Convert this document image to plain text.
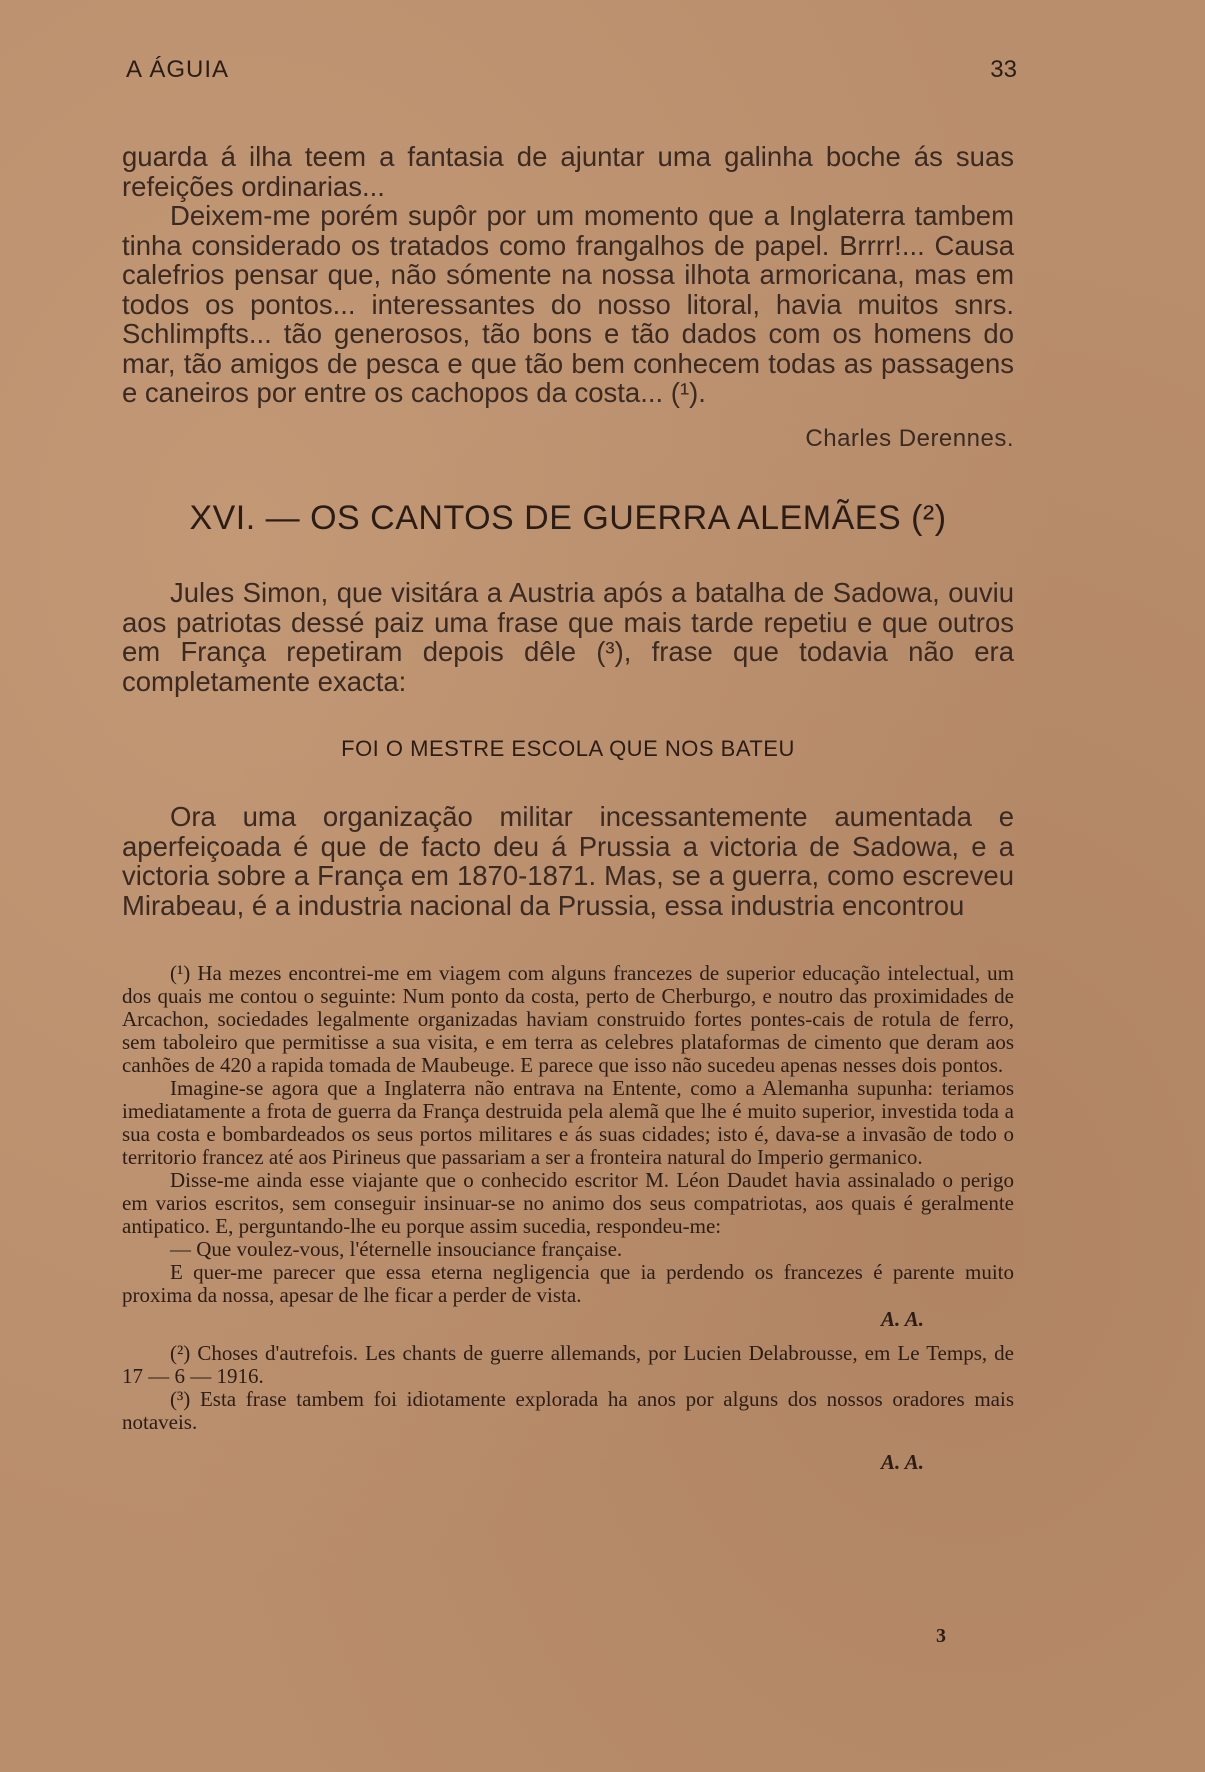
A ÁGUIA	33

guarda á ilha teem a fantasia de ajuntar uma galinha boche ás suas refeições ordinarias...

Deixem-me porém supôr por um momento que a Inglaterra tambem tinha considerado os tratados como frangalhos de papel. Brrrr!... Causa calefrios pensar que, não sómente na nossa ilhota armoricana, mas em todos os pontos... interessantes do nosso litoral, havia muitos snrs. Schlimpfts... tão generosos, tão bons e tão dados com os homens do mar, tão amigos de pesca e que tão bem conhecem todas as passagens e caneiros por entre os cachopos da costa... (¹).

Charles Derennes.

XVI. — OS CANTOS DE GUERRA ALEMÃES (²)

Jules Simon, que visitára a Austria após a batalha de Sadowa, ouviu aos patriotas dessé paiz uma frase que mais tarde repetiu e que outros em França repetiram depois dêle (³), frase que todavia não era completamente exacta:

FOI O MESTRE ESCOLA QUE NOS BATEU

Ora uma organização militar incessantemente aumentada e aperfeiçoada é que de facto deu á Prussia a victoria de Sadowa, e a victoria sobre a França em 1870-1871. Mas, se a guerra, como escreveu Mirabeau, é a industria nacional da Prussia, essa industria encontrou

(¹) Ha mezes encontrei-me em viagem com alguns francezes de superior educação intelectual, um dos quais me contou o seguinte: Num ponto da costa, perto de Cherburgo, e noutro das proximidades de Arcachon, sociedades legalmente organizadas haviam construido fortes pontes-cais de rotula de ferro, sem taboleiro que permitisse a sua visita, e em terra as celebres plataformas de cimento que deram aos canhões de 420 a rapida tomada de Maubeuge. E parece que isso não sucedeu apenas nesses dois pontos.

Imagine-se agora que a Inglaterra não entrava na Entente, como a Alemanha supunha: teriamos imediatamente a frota de guerra da França destruida pela alemã que lhe é muito superior, investida toda a sua costa e bombardeados os seus portos militares e ás suas cidades; isto é, dava-se a invasão de todo o territorio francez até aos Pirineus que passariam a ser a fronteira natural do Imperio germanico.

Disse-me ainda esse viajante que o conhecido escritor M. Léon Daudet havia assinalado o perigo em varios escritos, sem conseguir insinuar-se no animo dos seus compatriotas, aos quais é geralmente antipatico. E, perguntando-lhe eu porque assim sucedia, respondeu-me:

— Que voulez-vous, l'éternelle insouciance française.

E quer-me parecer que essa eterna negligencia que ia perdendo os francezes é parente muito proxima da nossa, apesar de lhe ficar a perder de vista.

A. A.

(²) Choses d'autrefois. Les chants de guerre allemands, por Lucien Delabrousse, em Le Temps, de 17 — 6 — 1916.

(³) Esta frase tambem foi idiotamente explorada ha anos por alguns dos nossos oradores mais notaveis.

A. A.

3
